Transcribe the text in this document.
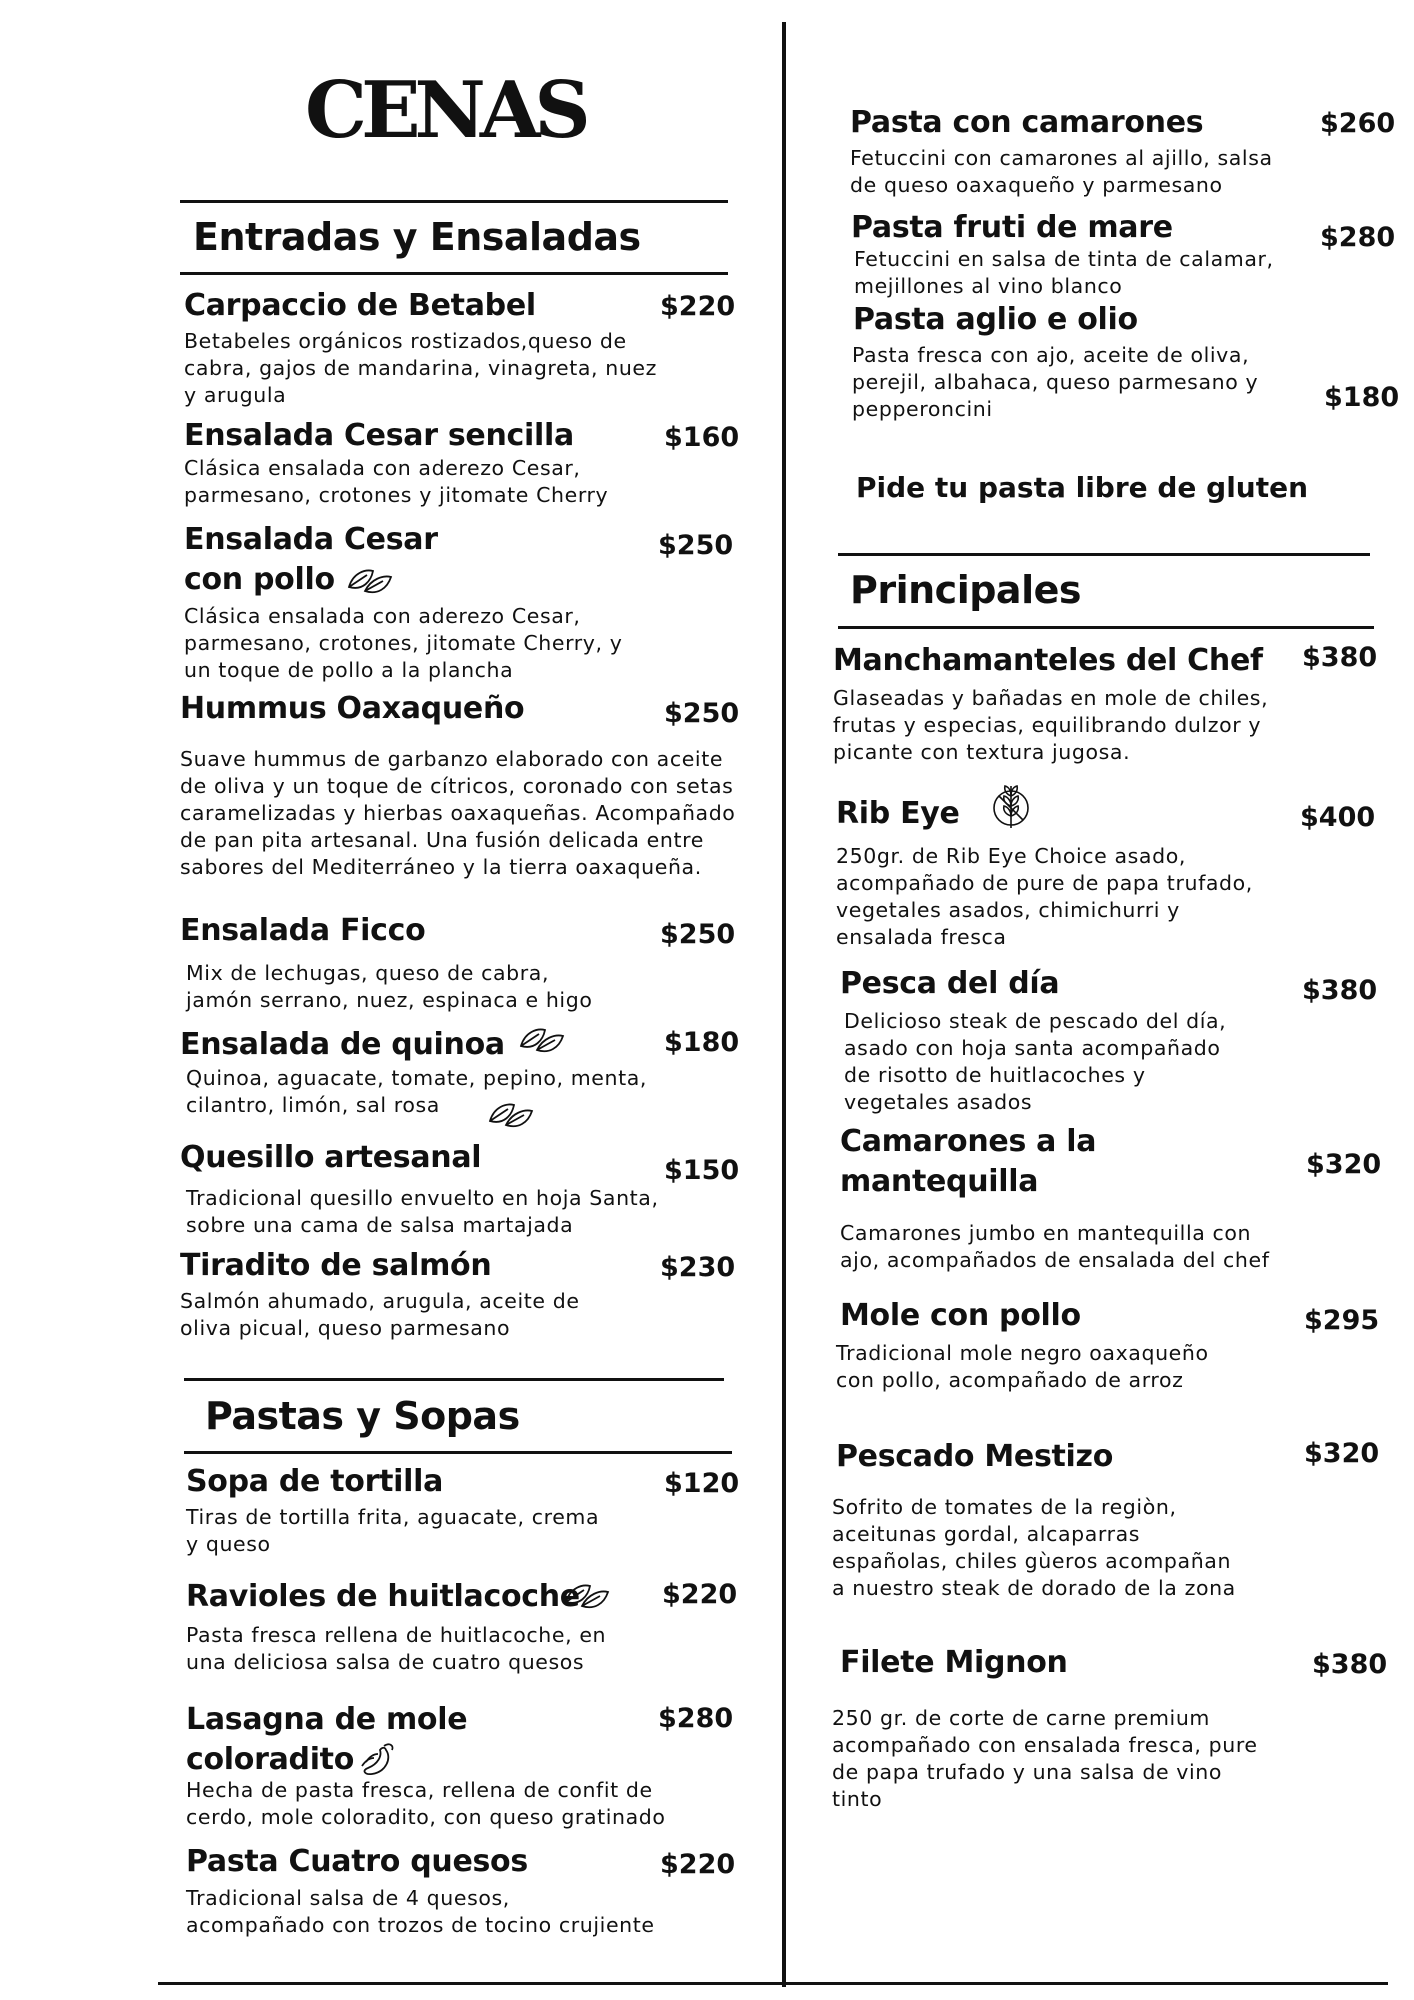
CENAS
Entradas y Ensaladas
Carpaccio de Betabel	$220
Betabeles orgánicos rostizados,queso de
cabra, gajos de mandarina, vinagreta, nuez
y arugula
Ensalada Cesar sencilla	$160
Clásica ensalada con aderezo Cesar,
parmesano, crotones y jitomate Cherry
Ensalada Cesar
con pollo
$250
Clásica ensalada con aderezo Cesar,
parmesano, crotones, jitomate Cherry, y
un toque de pollo a la plancha
Hummus Oaxaqueño	$250
Suave hummus de garbanzo elaborado con aceite
de oliva y un toque de cítricos, coronado con setas
caramelizadas y hierbas oaxaqueñas. Acompañado
de pan pita artesanal. Una fusión delicada entre
sabores del Mediterráneo y la tierra oaxaqueña.
Ensalada Ficco	$250
Mix de lechugas, queso de cabra,
jamón serrano, nuez, espinaca e higo
Ensalada de quinoa	$180
Quinoa, aguacate, tomate, pepino, menta,
cilantro, limón, sal rosa
Quesillo artesanal	$150
Tradicional quesillo envuelto en hoja Santa,
sobre una cama de salsa martajada
Tiradito de salmón	$230
Salmón ahumado, arugula, aceite de
oliva picual, queso parmesano
Pastas y Sopas
Sopa de tortilla	$120
Tiras de tortilla frita, aguacate, crema
y queso
Ravioles de huitlacoche	$220
Pasta fresca rellena de huitlacoche, en
una deliciosa salsa de cuatro quesos
Lasagna de mole
coloradito
$280
Hecha de pasta fresca, rellena de confit de
cerdo, mole coloradito, con queso gratinado
Pasta Cuatro quesos	$220
Tradicional salsa de 4 quesos,
acompañado con trozos de tocino crujiente
Pasta con camarones	$260
Fetuccini con camarones al ajillo, salsa
de queso oaxaqueño y parmesano
Pasta fruti de mare	$280
Fetuccini en salsa de tinta de calamar,
mejillones al vino blanco
Pasta aglio e olio
$180
Pasta fresca con ajo, aceite de oliva,
perejil, albahaca, queso parmesano y
pepperoncini
Pide tu pasta libre de gluten
Principales
Manchamanteles del Chef $380
Glaseadas y bañadas en mole de chiles,
frutas y especias, equilibrando dulzor y
picante con textura jugosa.
Rib Eye	$400
250gr. de Rib Eye Choice asado,
acompañado de pure de papa trufado,
vegetales asados, chimichurri y
ensalada fresca
Pesca del día	$380
Delicioso steak de pescado del día,
asado con hoja santa acompañado
de risotto de huitlacoches y
vegetales asados
Camarones a la
mantequilla	$320
Camarones jumbo en mantequilla con
ajo, acompañados de ensalada del chef
Mole con pollo	$295
Tradicional mole negro oaxaqueño
con pollo, acompañado de arroz
Pescado Mestizo	$320
Sofrito de tomates de la regiòn,
aceitunas gordal, alcaparras
españolas, chiles gùeros acompañan
a nuestro steak de dorado de la zona
Filete Mignon	$380
250 gr. de corte de carne premium
acompañado con ensalada fresca, pure
de papa trufado y una salsa de vino
tinto
